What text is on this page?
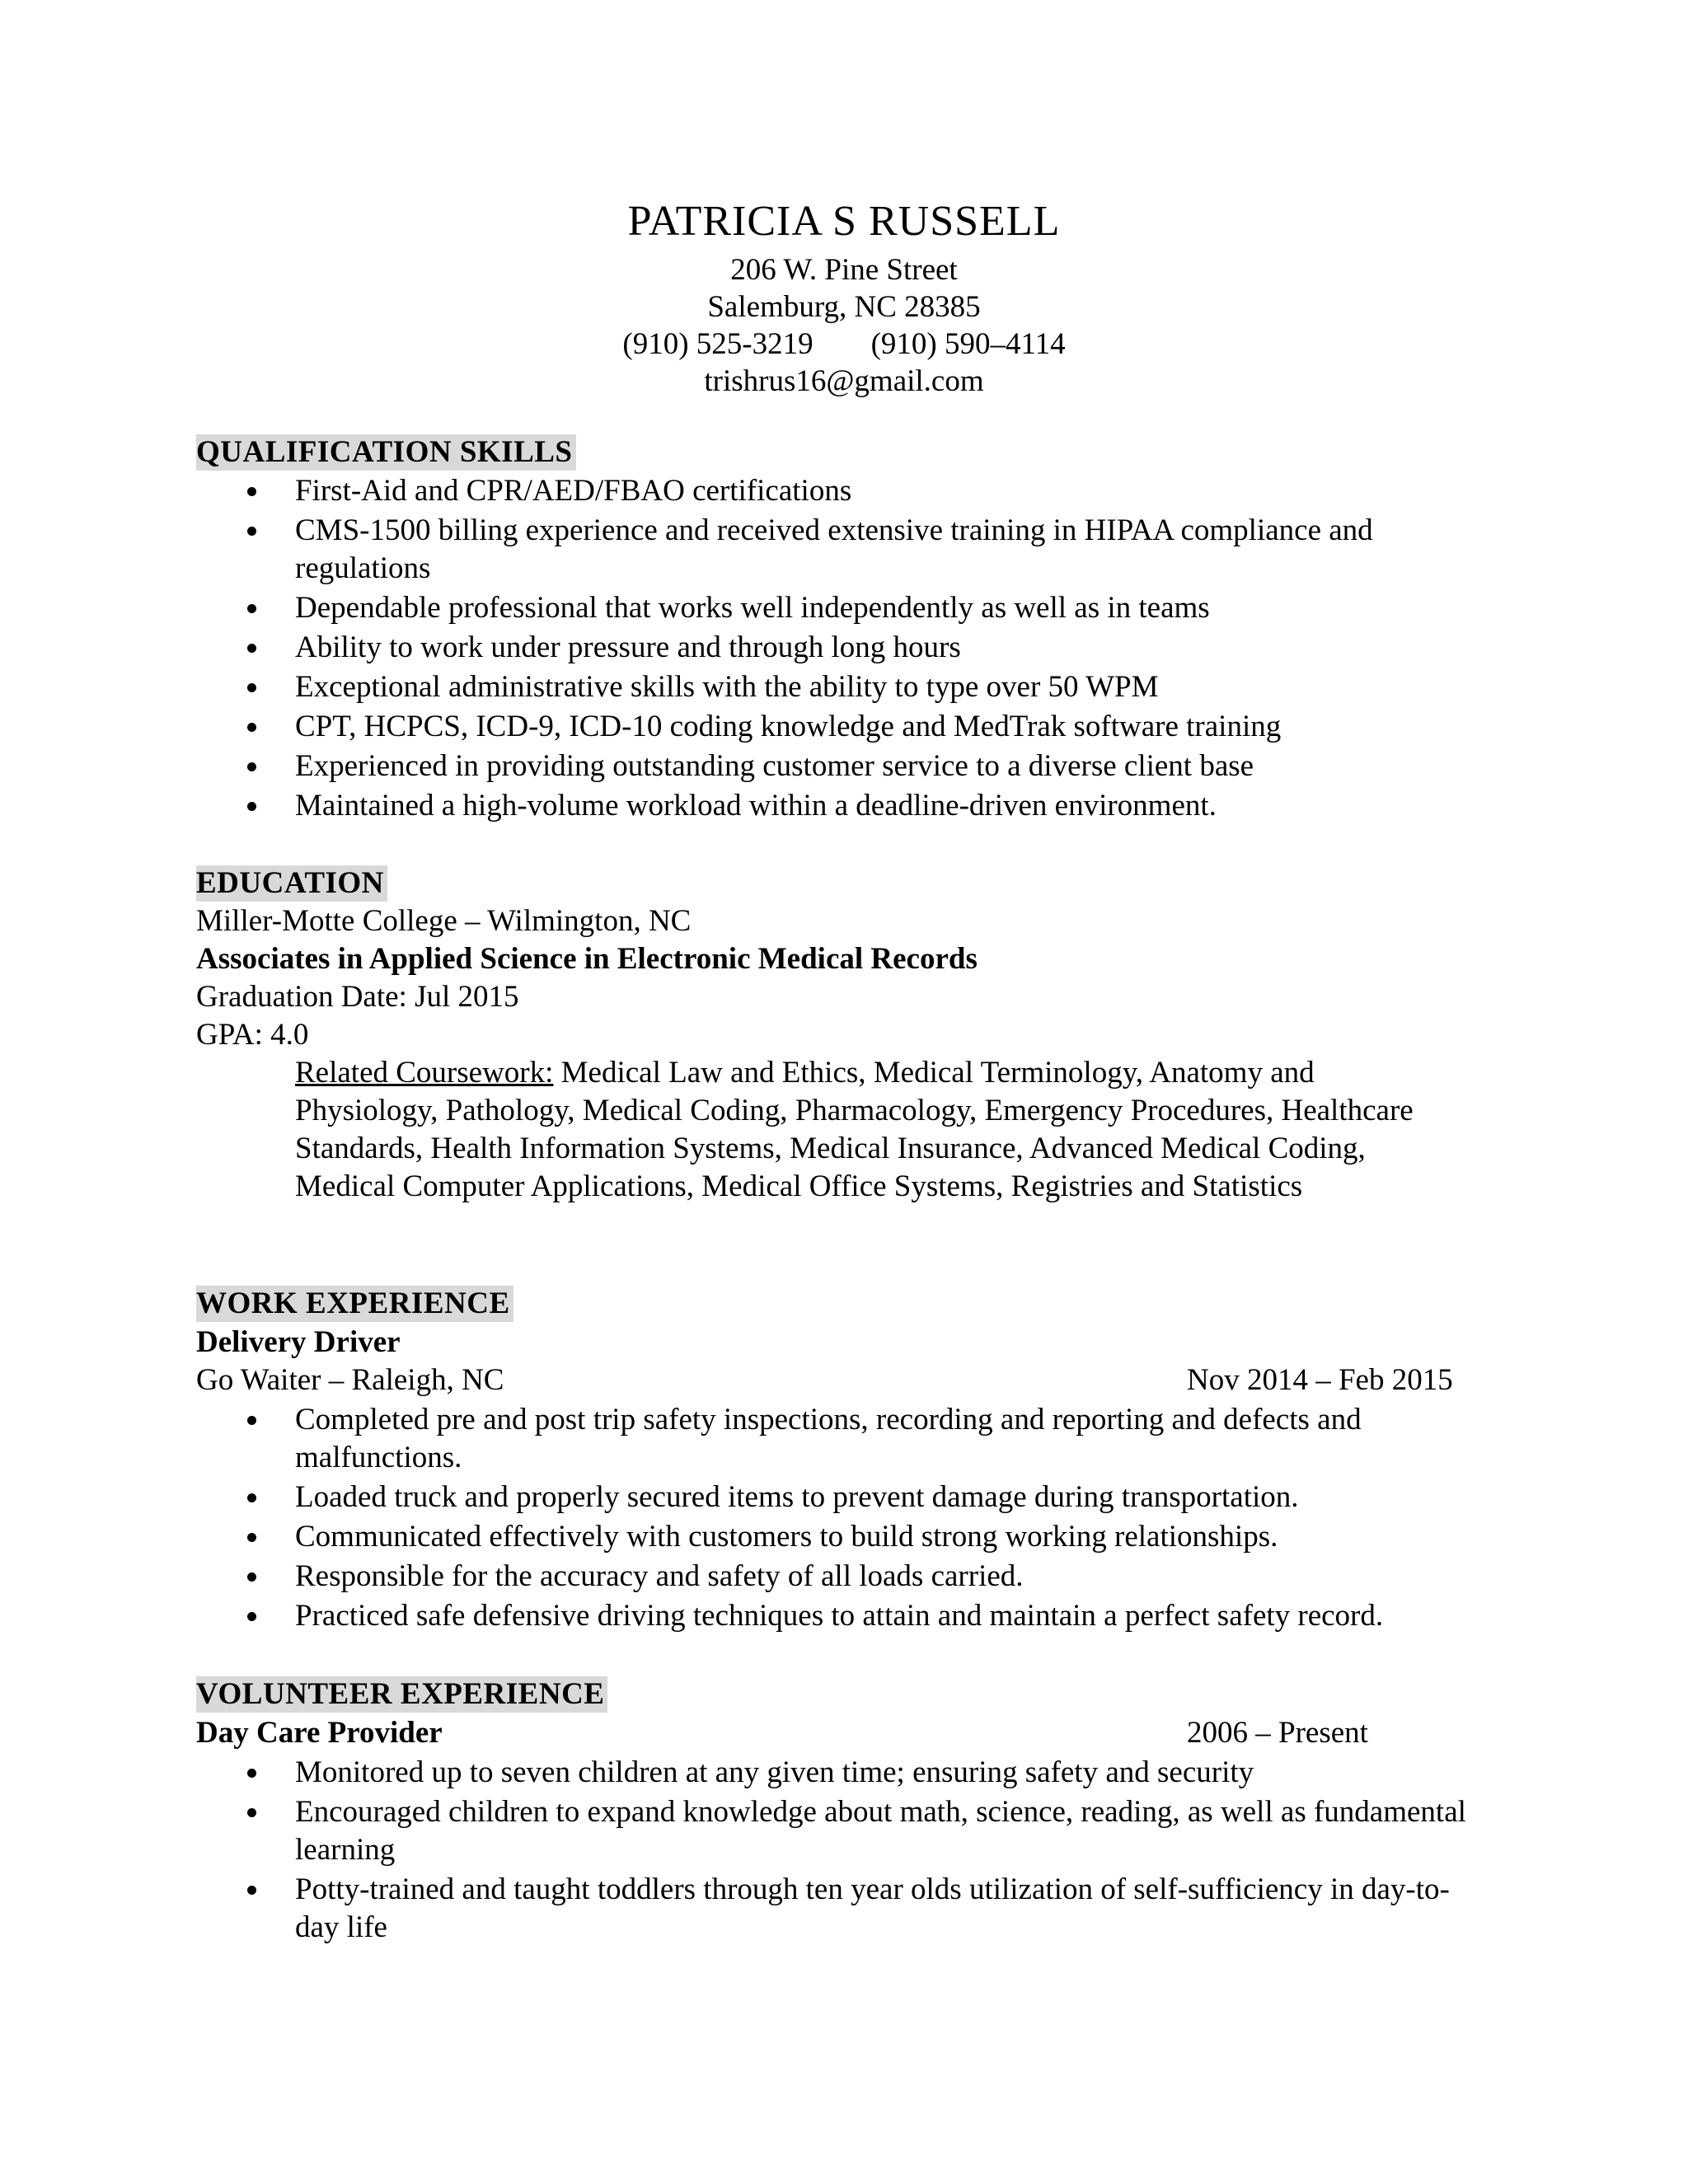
PATRICIA S RUSSELL
206 W. Pine Street
Salemburg, NC 28385
(910) 525-3219 (910) 590–4114
trishrus16@gmail.com
QUALIFICATION SKILLS
First-Aid and CPR/AED/FBAO certifications
CMS-1500 billing experience and received extensive training in HIPAA compliance and regulations
Dependable professional that works well independently as well as in teams
Ability to work under pressure and through long hours
Exceptional administrative skills with the ability to type over 50 WPM
CPT, HCPCS, ICD-9, ICD-10 coding knowledge and MedTrak software training
Experienced in providing outstanding customer service to a diverse client base
Maintained a high-volume workload within a deadline-driven environment.
EDUCATION
Miller-Motte College – Wilmington, NC
Associates in Applied Science in Electronic Medical Records
Graduation Date: Jul 2015
GPA: 4.0
Related Coursework: Medical Law and Ethics, Medical Terminology, Anatomy and Physiology, Pathology, Medical Coding, Pharmacology, Emergency Procedures, Healthcare Standards, Health Information Systems, Medical Insurance, Advanced Medical Coding, Medical Computer Applications, Medical Office Systems, Registries and Statistics
WORK EXPERIENCE
Delivery Driver
Go Waiter – Raleigh, NC	Nov 2014 – Feb 2015
Completed pre and post trip safety inspections, recording and reporting and defects and malfunctions.
Loaded truck and properly secured items to prevent damage during transportation.
Communicated effectively with customers to build strong working relationships.
Responsible for the accuracy and safety of all loads carried.
Practiced safe defensive driving techniques to attain and maintain a perfect safety record.
VOLUNTEER EXPERIENCE
Day Care Provider	2006 – Present
Monitored up to seven children at any given time; ensuring safety and security
Encouraged children to expand knowledge about math, science, reading, as well as fundamental learning
Potty-trained and taught toddlers through ten year olds utilization of self-sufficiency in day-to-day life
